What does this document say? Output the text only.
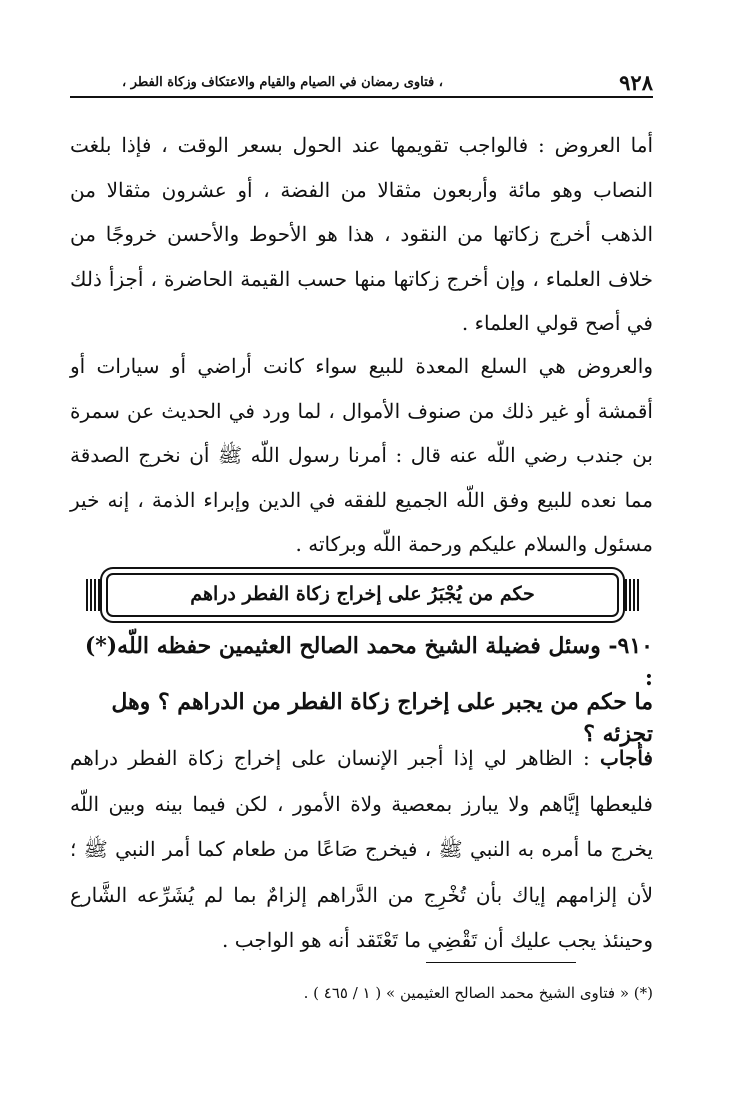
٩٢٨
، فتاوى رمضان في الصيام والقيام والاعتكاف وزكاة الفطر ،
أما العروض : فالواجب تقويمها عند الحول بسعر الوقت ، فإذا بلغت النصاب وهو مائة وأربعون مثقالا من الفضة ، أو عشرون مثقالا من الذهب أخرج زكاتها من النقود ، هذا هو الأحوط والأحسن خروجًا من خلاف العلماء ، وإن أخرج زكاتها منها حسب القيمة الحاضرة ، أجزأ ذلك في أصح قولي العلماء .
والعروض هي السلع المعدة للبيع سواء كانت أراضي أو سيارات أو أقمشة أو غير ذلك من صنوف الأموال ، لما ورد في الحديث عن سمرة بن جندب رضي اللّه عنه قال : أمرنا رسول اللّه ﷺ أن نخرج الصدقة مما نعده للبيع وفق اللّه الجميع للفقه في الدين وإبراء الذمة ، إنه خير مسئول والسلام عليكم ورحمة اللّه وبركاته .
حكم من يُجْبَرُ على إخراج زكاة الفطر دراهم
٩١٠- وسئل فضيلة الشيخ محمد الصالح العثيمين حفظه اللّه(*) :
ما حكم من يجبر على إخراج زكاة الفطر من الدراهم ؟ وهل تجزئه ؟
فأجاب : الظاهر لي إذا أجبر الإنسان على إخراج زكاة الفطر دراهم فليعطها إيَّاهم ولا يبارز بمعصية ولاة الأمور ، لكن فيما بينه وبين اللّه يخرج ما أمره به النبي ﷺ ، فيخرج صَاعًا من طعام كما أمر النبي ﷺ ؛ لأن إلزامهم إياك بأن تُخْرِج من الدَّراهم إلزامٌ بما لم يُشَرِّعه الشَّارع وحينئذ يجب عليك أن تَقْضِي ما تَعْتَقد أنه هو الواجب .
(*) « فتاوى الشيخ محمد الصالح العثيمين » ( ١ / ٤٦٥ ) .
